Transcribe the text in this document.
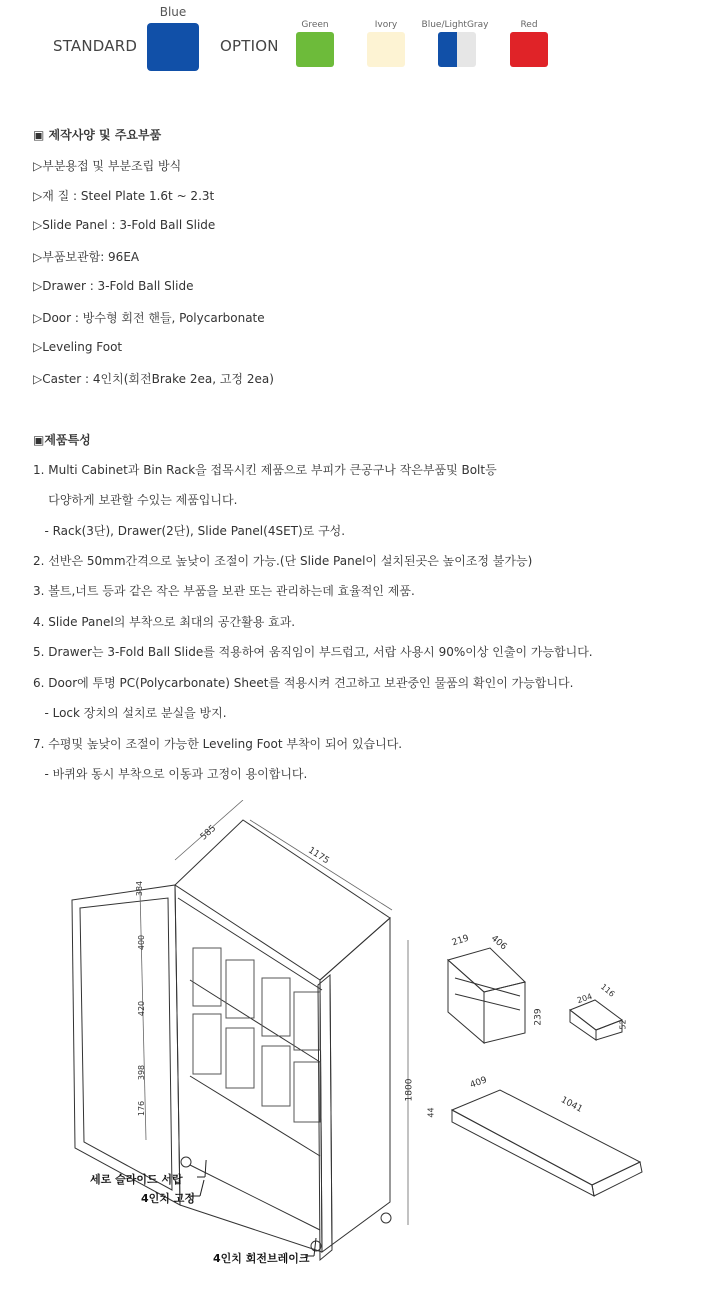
STANDARD
Blue
OPTION
Green	Ivory	Blue/LightGray	Red
▣ 제작사양 및 주요부품
▷부분용접 및 부분조립 방식
▷재 질 : Steel Plate 1.6t ~ 2.3t
▷Slide Panel : 3-Fold Ball Slide
▷부품보관함: 96EA
▷Drawer : 3-Fold Ball Slide
▷Door : 방수형 회전 핸들, Polycarbonate
▷Leveling Foot
▷Caster : 4인치(회전Brake 2ea, 고정 2ea)
▣제품특성
1. Multi Cabinet과 Bin Rack을 접목시킨 제품으로 부피가 큰공구나 작은부품및 Bolt등
다양하게 보관할 수있는 제품입니다.
- Rack(3단), Drawer(2단), Slide Panel(4SET)로 구성.
2. 선반은 50mm간격으로 높낮이 조절이 가능.(단 Slide Panel이 설치된곳은 높이조정 불가능)
3. 볼트,너트 등과 같은 작은 부품을 보관 또는 관리하는데 효율적인 제품.
4. Slide Panel의 부착으로 최대의 공간활용 효과.
5. Drawer는 3-Fold Ball Slide를 적용하여 움직임이 부드럽고, 서랍 사용시 90%이상 인출이 가능합니다.
6. Door에 투명 PC(Polycarbonate) Sheet를 적용시켜 견고하고 보관중인 물품의 확인이 가능합니다.
- Lock 장치의 설치로 분실을 방지.
7. 수평및 높낮이 조절이 가능한 Leveling Foot 부착이 되어 있습니다.
- 바퀴와 동시 부착으로 이동과 고정이 용이합니다.
585
1175
1800
384
400
420
398
176
219 406
239
204 116
52
409
1041
44
세로 슬라이드 서랍
4인치 고정
4인치 회전브레이크
